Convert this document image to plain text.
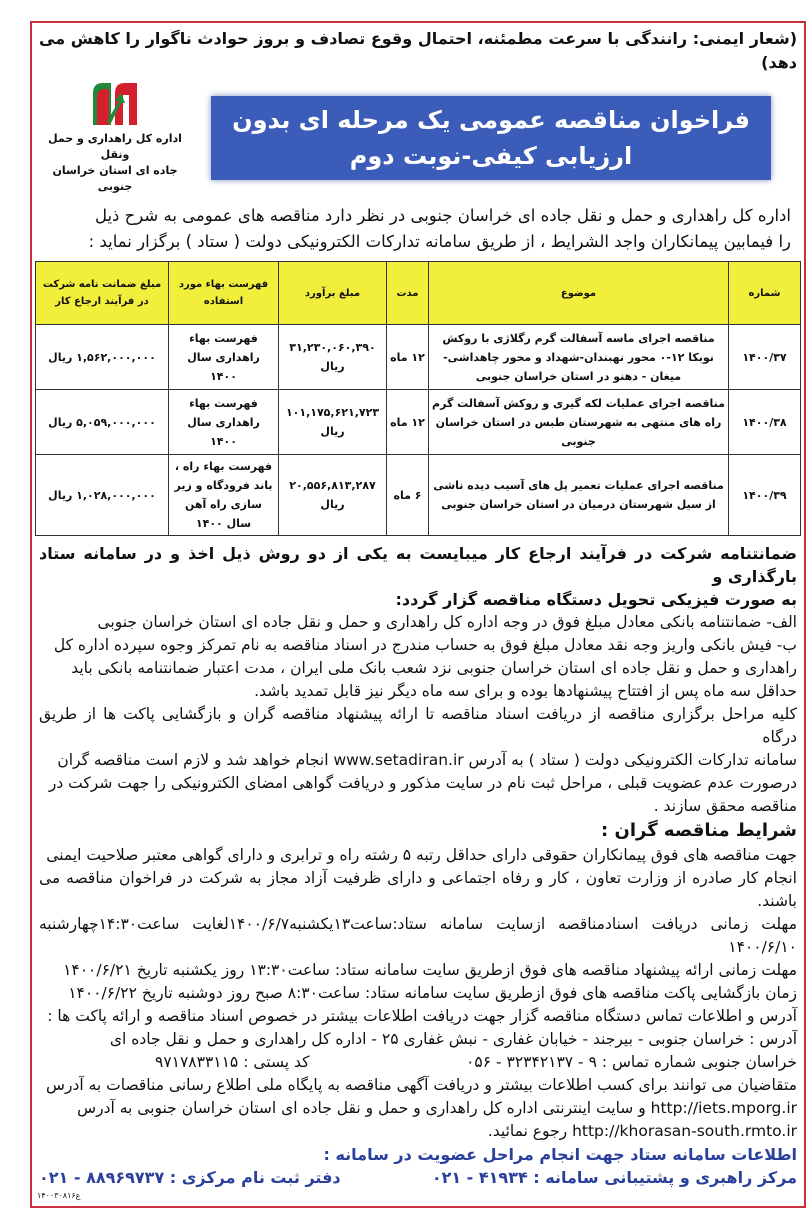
(شعار ایمنی: رانندگی با سرعت مطمئنه، احتمال وقوع تصادف و بروز حوادث ناگوار را کاهش می دهد)
اداره کل راهداری و حمل ونقل
جاده ای استان خراسان جنوبی
فراخوان مناقصه عمومی یک مرحله ای بدون
ارزیابی کیفی-نوبت دوم
اداره کل راهداری و حمل و نقل جاده ای خراسان جنوبی در نظر دارد مناقصه های عمومی به شرح ذیل
را فیمابین پیمانکاران واجد الشرایط ، از طریق سامانه تدارکات الکترونیکی دولت ( ستاد ) برگزار نماید :
شماره	موضوع	مدت	مبلغ برآورد	فهرست بهاء مورد استفاده	مبلغ ضمانت نامه شرکت در فرآیند ارجاع کار
۱۴۰۰/۳۷	مناقصه اجرای ماسه آسفالت گرم رگلاژی با روکش نوبکا ۱۲-۰ محور نهبندان-شهداد و محور چاهداشی-میغان - دهنو در استان خراسان جنوبی	۱۲ ماه	۳۱,۲۳۰,۰۶۰,۳۹۰ ریال	فهرست بهاء راهداری سال ۱۴۰۰	۱,۵۶۲,۰۰۰,۰۰۰ ریال
۱۴۰۰/۳۸	مناقصه اجرای عملیات لکه گیری و روکش آسفالت گرم راه های منتهی به شهرستان طبس در استان خراسان جنوبی	۱۲ ماه	۱۰۱,۱۷۵,۶۲۱,۷۲۳ ریال	فهرست بهاء راهداری سال ۱۴۰۰	۵,۰۵۹,۰۰۰,۰۰۰ ریال
۱۴۰۰/۳۹	مناقصه اجرای عملیات تعمیر پل های آسیب دیده ناشی از سیل شهرستان درمیان در استان خراسان جنوبی	۶ ماه	۲۰,۵۵۶,۸۱۳,۲۸۷ ریال	فهرست بهاء راه ، باند فرودگاه و زیر سازی راه آهن سال ۱۴۰۰	۱,۰۲۸,۰۰۰,۰۰۰ ریال
ضمانتنامه شرکت در فرآیند ارجاع کار میبایست به یکی از دو روش ذیل اخذ و در سامانه ستاد بارگذاری و
به صورت فیزیکی تحویل دستگاه مناقصه گزار گردد:
الف- ضمانتنامه بانکی معادل مبلغ فوق در وجه اداره کل راهداری و حمل و نقل جاده ای استان خراسان جنوبی
ب- فیش بانکی واریز وجه نقد معادل مبلغ فوق به حساب مندرج در اسناد مناقصه به نام تمرکز وجوه سپرده اداره کل
راهداری و حمل و نقل جاده ای استان خراسان جنوبی نزد شعب بانک ملی ایران ، مدت اعتبار ضمانتنامه بانکی باید
حداقل سه ماه پس از افتتاح پیشنهادها بوده و برای سه ماه دیگر نیز قابل تمدید باشد.
کلیه مراحل برگزاری مناقصه از دریافت اسناد مناقصه تا ارائه پیشنهاد مناقصه گران و بازگشایی پاکت ها از طریق درگاه
سامانه تدارکات الکترونیکی دولت ( ستاد ) به آدرس www.setadiran.ir انجام خواهد شد و لازم است مناقصه گران
درصورت عدم عضویت قبلی ، مراحل ثبت نام در سایت مذکور و دریافت گواهی امضای الکترونیکی را جهت شرکت در
مناقصه محقق سازند .
شرایط مناقصه گران :
جهت مناقصه های فوق پیمانکاران حقوقی دارای حداقل رتبه ۵ رشته راه و ترابری و دارای گواهی معتبر صلاحیت ایمنی
انجام کار صادره از وزارت تعاون ، کار و رفاه اجتماعی و دارای ظرفیت آزاد مجاز به شرکت در فراخوان مناقصه می باشند.
مهلت زمانی دریافت اسنادمناقصه ازسایت سامانه ستاد:ساعت۱۳یکشنبه۱۴۰۰/۶/۷لغایت ساعت۱۴:۳۰چهارشنبه ۱۴۰۰/۶/۱۰
مهلت زمانی ارائه پیشنهاد مناقصه های فوق ازطریق سایت سامانه ستاد: ساعت۱۳:۳۰ روز یکشنبه تاریخ ۱۴۰۰/۶/۲۱
زمان بازگشایی پاکت مناقصه های فوق ازطریق سایت سامانه ستاد: ساعت۸:۳۰ صبح روز دوشنبه تاریخ ۱۴۰۰/۶/۲۲
آدرس و اطلاعات تماس دستگاه مناقصه گزار جهت دریافت اطلاعات بیشتر در خصوص اسناد مناقصه و ارائه پاکت ها :
آدرس : خراسان جنوبی - بیرجند - خیابان غفاری - نبش غفاری ۲۵ - اداره کل راهداری و حمل و نقل جاده ای
خراسان جنوبی شماره تماس : ۹ - ۳۲۳۴۲۱۳۷ - ۰۵۶
کد پستی : ۹۷۱۷۸۳۳۱۱۵
متقاضیان می توانند برای کسب اطلاعات بیشتر و دریافت آگهی مناقصه به پایگاه ملی اطلاع رسانی مناقصات به آدرس
http://iets.mporg.ir و سایت اینترنتی اداره کل راهداری و حمل و نقل جاده ای استان خراسان جنوبی به آدرس
http://khorasan-south.rmto.ir رجوع نمائید.
اطلاعات سامانه ستاد جهت انجام مراحل عضویت در سامانه :
مرکز راهبری و پشتیبانی سامانه : ۴۱۹۳۴ - ۰۲۱
دفتر ثبت نام مرکزی : ۸۸۹۶۹۷۳۷ - ۰۲۱
ع۱۴۰۰۳۰۸۱۶
